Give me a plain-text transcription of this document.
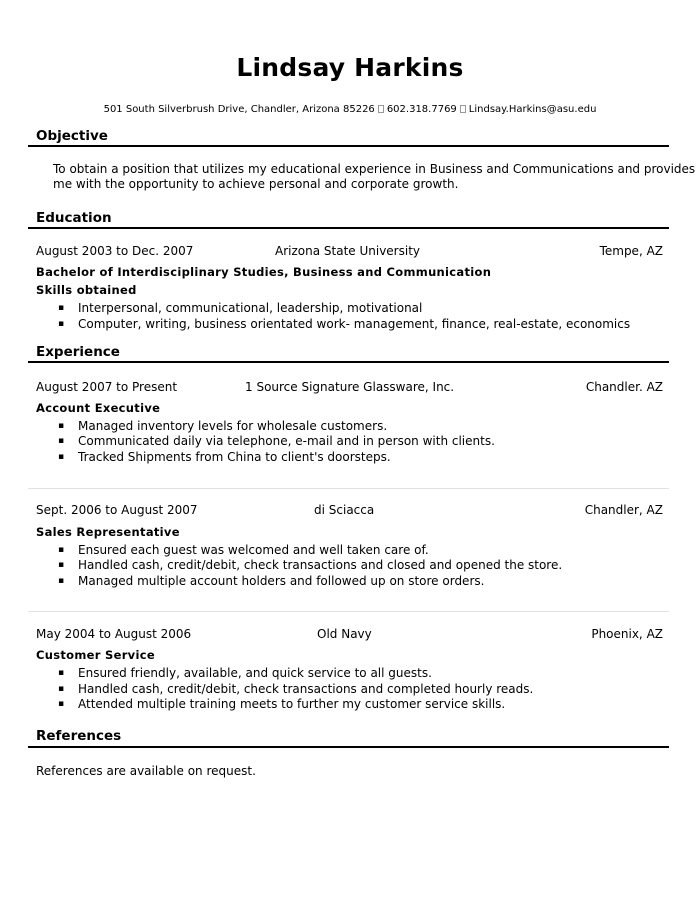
Lindsay Harkins
501 South Silverbrush Drive, Chandler, Arizona 85226 602.318.7769 Lindsay.Harkins@asu.edu
Objective
To obtain a position that utilizes my educational experience in Business and Communications and provides
me with the opportunity to achieve personal and corporate growth.
Education
August 2003 to Dec. 2007	Arizona State University	Tempe, AZ
Bachelor of Interdisciplinary Studies, Business and Communication
Skills obtained
▪ Interpersonal, communicational, leadership, motivational
▪ Computer, writing, business orientated work- management, finance, real-estate, economics
Experience
August 2007 to Present	1 Source Signature Glassware, Inc.	Chandler. AZ
Account Executive
▪ Managed inventory levels for wholesale customers.
▪ Communicated daily via telephone, e-mail and in person with clients.
▪ Tracked Shipments from China to client's doorsteps.
Sept. 2006 to August 2007	di Sciacca	Chandler, AZ
Sales Representative
▪ Ensured each guest was welcomed and well taken care of.
▪ Handled cash, credit/debit, check transactions and closed and opened the store.
▪ Managed multiple account holders and followed up on store orders.
May 2004 to August 2006	Old Navy	Phoenix, AZ
Customer Service
▪ Ensured friendly, available, and quick service to all guests.
▪ Handled cash, credit/debit, check transactions and completed hourly reads.
▪ Attended multiple training meets to further my customer service skills.
References
References are available on request.
